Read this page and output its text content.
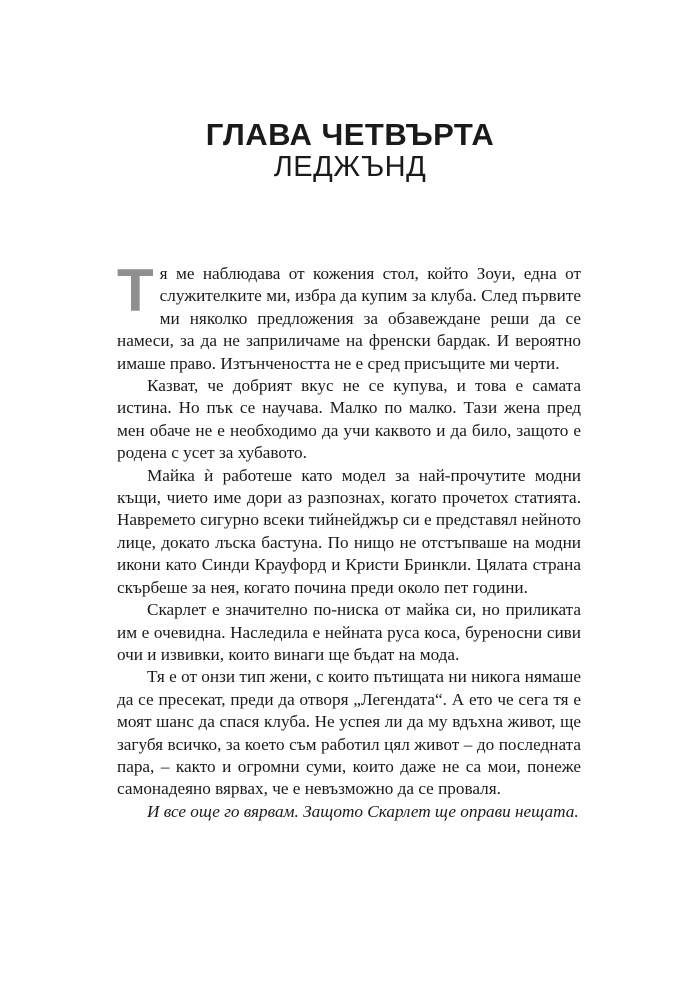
ГЛАВА ЧЕТВЪРТА
ЛЕДЖЪНД

Тя ме наблюдава от кожения стол, който Зоуи, една от служителките ми, избра да купим за клуба. След първите ми няколко предложения за обзавеждане реши да се намеси, за да не заприличаме на френски бардак. И вероятно имаше право. Изтънчеността не е сред присъщите ми черти.

Казват, че добрият вкус не се купува, и това е самата истина. Но пък се научава. Малко по малко. Тази жена пред мен обаче не е необходимо да учи каквото и да било, защото е родена с усет за хубавото.

Майка ѝ работеше като модел за най-прочутите модни къщи, чието име дори аз разпознах, когато прочетох статията. Навремето сигурно всеки тийнейджър си е представял нейното лице, докато лъска бастуна. По нищо не отстъпваше на модни икони като Синди Крауфорд и Кристи Бринкли. Цялата страна скърбеше за нея, когато почина преди около пет години.

Скарлет е значително по-ниска от майка си, но приликата им е очевидна. Наследила е нейната руса коса, буреносни сиви очи и извивки, които винаги ще бъдат на мода.

Тя е от онзи тип жени, с които пътищата ни никога нямаше да се пресекат, преди да отворя „Легендата“. А ето че сега тя е моят шанс да спася клуба. Не успея ли да му вдъхна живот, ще загубя всичко, за което съм работил цял живот – до последната пара, – както и огромни суми, които даже не са мои, понеже самонадеяно вярвах, че е невъзможно да се проваля.

И все още го вярвам. Защото Скарлет ще оправи нещата.
